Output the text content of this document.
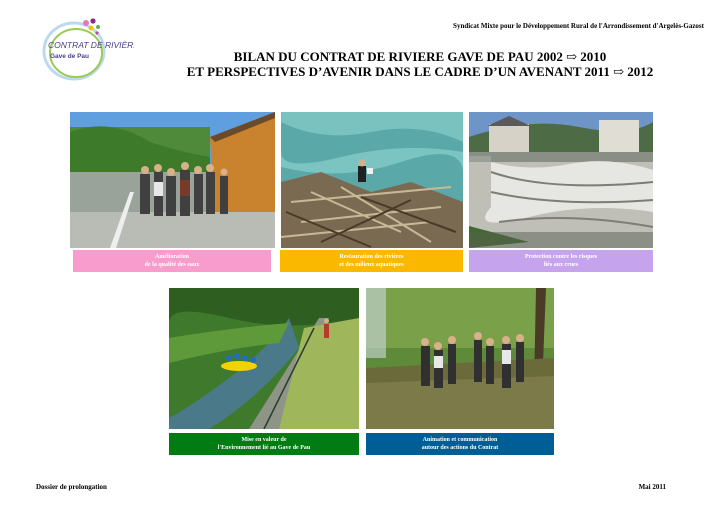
CONTRAT DE RIVIÈRE
Gave de Pau
Syndicat Mixte pour le Développement Rural de l'Arrondissement d'Argelès-Gazost
BILAN DU CONTRAT DE RIVIERE GAVE DE PAU 2002 ⇨ 2010
ET PERSPECTIVES D’AVENIR DANS LE CADRE D’UN AVENANT 2011 ⇨ 2012
Amélioration
de la qualité des eaux
Restauration des rivières
et des milieux aquatiques
Protection contre les risques
liés aux crues
Mise en valeur de
l'Environnement lié au Gave de Pau
Animation et communication
autour des actions du Contrat
Dossier de prolongation	Mai 2011
